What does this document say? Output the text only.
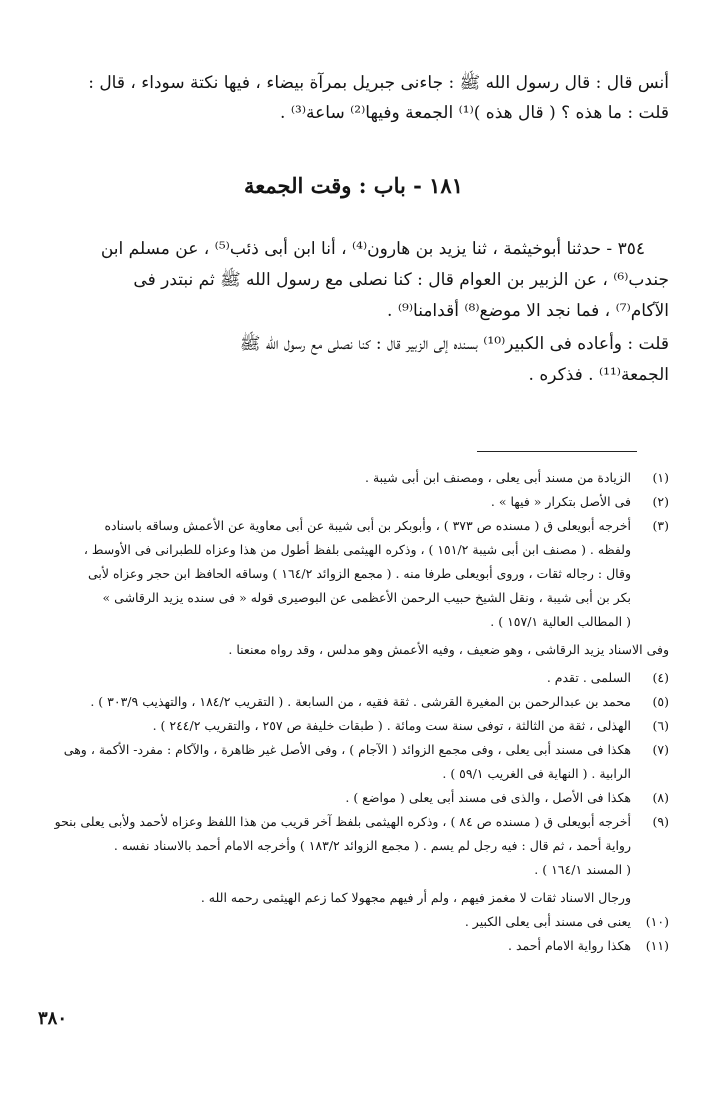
أنس قال : قال رسول الله ﷺ : جاءنى جبريل بمرآة بيضاء ، فيها نكتة سوداء ، قال :

قلت : ما هذه ؟ ( قال هذه )⁽¹⁾ الجمعة وفيها⁽²⁾ ساعة⁽³⁾ .

١٨١ - باب : وقت الجمعة

٣٥٤ - حدثنا أبوخيثمة ، ثنا يزيد بن هارون⁽⁴⁾ ، أنا ابن أبى ذئب⁽⁵⁾ ، عن مسلم ابن

جندب⁽⁶⁾ ، عن الزبير بن العوام قال : كنا نصلى مع رسول الله ﷺ ثم نبتدر فى

الآكام⁽⁷⁾ ، فما نجد الا موضع⁽⁸⁾ أقدامنا⁽⁹⁾ .

قلت : وأعاده فى الكبير⁽¹⁰⁾ بسنده إلى الزبير قال : كنا نصلى مع رسول الله ﷺ

الجمعة⁽¹¹⁾ . فذكره .

(١)
الزيادة من مسند أبى يعلى ، ومصنف ابن أبى شيبة .
(٢)
فى الأصل بتكرار « فيها » .
(٣)
أخرجه أبويعلى ق ( مسنده ص ٣٧٣ ) ، وأبوبكر بن أبى شيبة عن أبى معاوية عن الأعمش وساقه باسناده
ولفظه . ( مصنف ابن أبى شيبة ١٥١/٢ ) ، وذكره الهيثمى بلفظ أطول من هذا وعزاه للطبرانى فى الأوسط ،
وقال : رجاله ثقات ، وروى أبويعلى طرفا منه . ( مجمع الزوائد ١٦٤/٢ ) وساقه الحافظ ابن حجر وعزاه لأبى
بكر بن أبى شيبة ، ونقل الشيخ حبيب الرحمن الأعظمى عن البوصيرى قوله « فى سنده يزيد الرقاشى »
( المطالب العالية ١٥٧/١ ) .
وفى الاسناد يزيد الرقاشى ، وهو ضعيف ، وفيه الأعمش وهو مدلس ، وقد رواه معنعنا .
(٤)
السلمى . تقدم .
(٥)
محمد بن عبدالرحمن بن المغيرة القرشى . ثقة فقيه ، من السابعة . ( التقريب ١٨٤/٢ ، والتهذيب ٣٠٣/٩ ) .
(٦)
الهذلى ، ثقة من الثالثة ، توفى سنة ست ومائة . ( طبقات خليفة ص ٢٥٧ ، والتقريب ٢٤٤/٢ ) .
(٧)
هكذا فى مسند أبى يعلى ، وفى مجمع الزوائد ( الآجام ) ، وفى الأصل غير ظاهرة ، والآكام : مفرد- الأكمة ، وهى
الرابية . ( النهاية فى الغريب ٥٩/١ ) .
(٨)
هكذا فى الأصل ، والذى فى مسند أبى يعلى ( مواضع ) .
(٩)
أخرجه أبويعلى ق ( مسنده ص ٨٤ ) ، وذكره الهيثمى بلفظ آخر قريب من هذا اللفظ وعزاه لأحمد ولأبى يعلى بنحو
رواية أحمد ، ثم قال : فيه رجل لم يسم . ( مجمع الزوائد ١٨٣/٢ ) وأخرجه الامام أحمد بالاسناد نفسه .
( المسند ١٦٤/١ ) .
ورجال الاسناد ثقات لا مغمز فيهم ، ولم أر فيهم مجهولا كما زعم الهيثمى رحمه الله .
(١٠)
يعنى فى مسند أبى يعلى الكبير .
(١١)
هكذا رواية الامام أحمد .
٣٨٠
